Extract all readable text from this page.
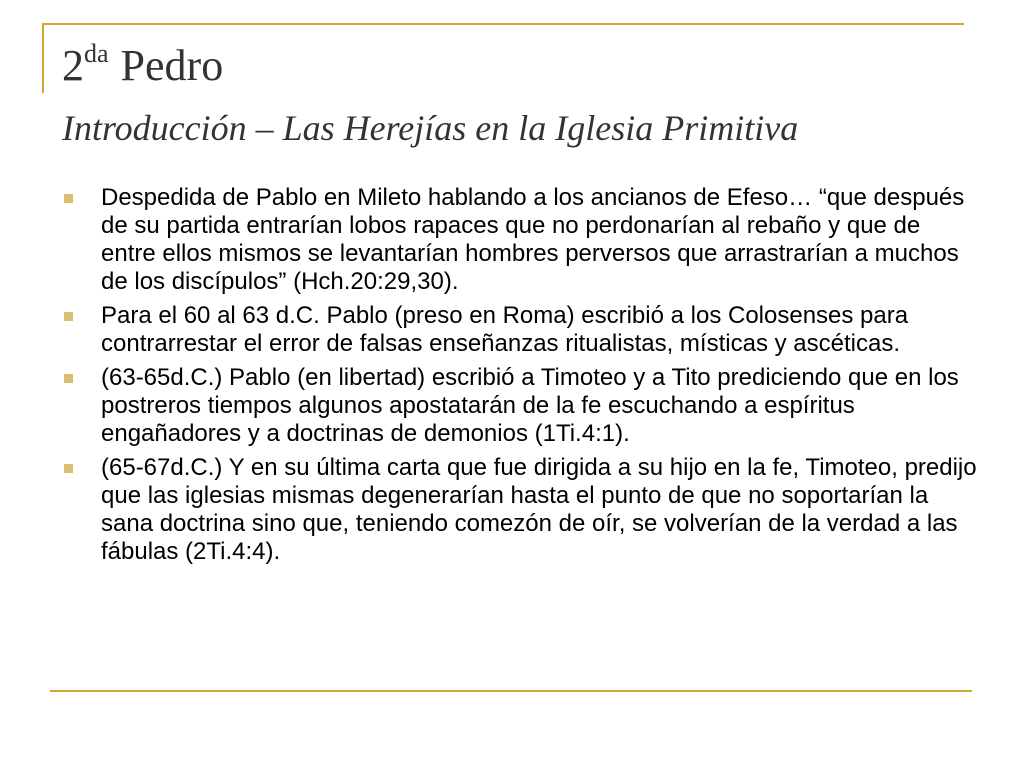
$2^{da}$ Pedro
Introducción – Las Herejías en la Iglesia Primitiva
Despedida de Pablo en Mileto hablando a los ancianos de Efeso… “que después de su partida entrarían lobos rapaces que no perdonarían al rebaño y que de entre ellos mismos se levantarían hombres perversos que arrastrarían a muchos de los discípulos” (Hch.20:29,30).
Para el 60 al 63 d.C. Pablo (preso en Roma) escribió a los Colosenses para contrarrestar el error de falsas enseñanzas ritualistas, místicas y ascéticas.
(63-65d.C.) Pablo (en libertad) escribió a Timoteo y a Tito prediciendo que en los postreros tiempos algunos apostatarán de la fe escuchando a espíritus engañadores y a doctrinas de demonios (1Ti.4:1).
(65-67d.C.) Y en su última carta que fue dirigida a su hijo en la fe, Timoteo, predijo que las iglesias mismas degenerarían hasta el punto de que no soportarían la sana doctrina sino que, teniendo comezón de oír, se volverían de la verdad a las fábulas (2Ti.4:4).
